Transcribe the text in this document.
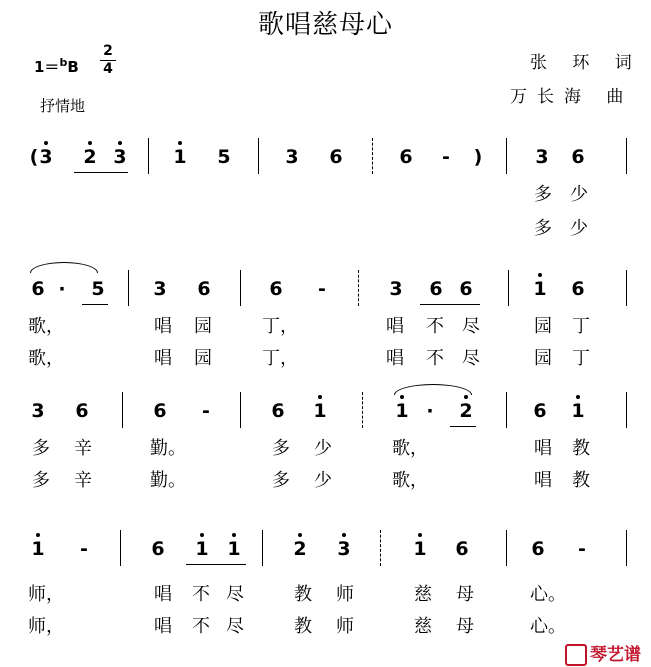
歌唱慈母心
1＝$^b$B
2
4
抒情地
张 环 词
万长海 曲
( 3 2 3 1 5	3 6	6	-	)	3 6
多 少
多 少
6 ·	5	3 6	6	-	3 6 6	1 6
歌，	唱 园	丁，	唱 不 尽	园 丁
歌，	唱 园	丁，	唱 不 尽	园 丁
3 6	6	-	6 1	1 ·	2	6 1
多 辛	勤。	多 少	歌，	唱 教
多 辛	勤。	多 少	歌，	唱 教
1	-	6 1 1	2 3	1 6	6	-
师，	唱 不 尽	教 师	慈 母	心。
师，	唱 不 尽	教 师	慈 母	心。
琴艺谱
